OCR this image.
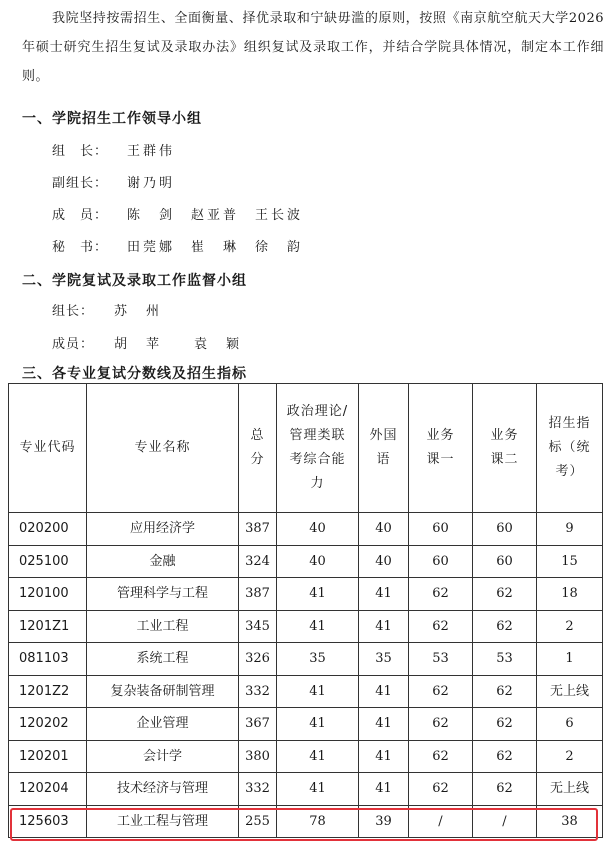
我院坚持按需招生、全面衡量、择优录取和宁缺毋滥的原则，按照《南京航空航天大学2026年硕士研究生招生复试及录取办法》组织复试及录取工作，并结合学院具体情况，制定本工作细则。
一、学院招生工作领导小组
组　长： 王群伟
副组长： 谢乃明
成　员： 陈　剑　赵亚普　王长波
秘　书： 田莞娜　崔　琳　徐　韵
二、学院复试及录取工作监督小组
组长： 苏　州
成员： 胡　苹　　袁　颖
三、各专业复试分数线及招生指标
专业代码	专业名称	总分	政治理论/管理类联考综合能力	外国语	业务课一	业务课二	招生指标（统考）
020200	应用经济学	387	40	40	60	60	9
025100	金融	324	40	40	60	60	15
120100	管理科学与工程	387	41	41	62	62	18
1201Z1	工业工程	345	41	41	62	62	2
081103	系统工程	326	35	35	53	53	1
1201Z2	复杂装备研制管理	332	41	41	62	62	无上线
120202	企业管理	367	41	41	62	62	6
120201	会计学	380	41	41	62	62	2
120204	技术经济与管理	332	41	41	62	62	无上线
125603	工业工程与管理	255	78	39	/	/	38
